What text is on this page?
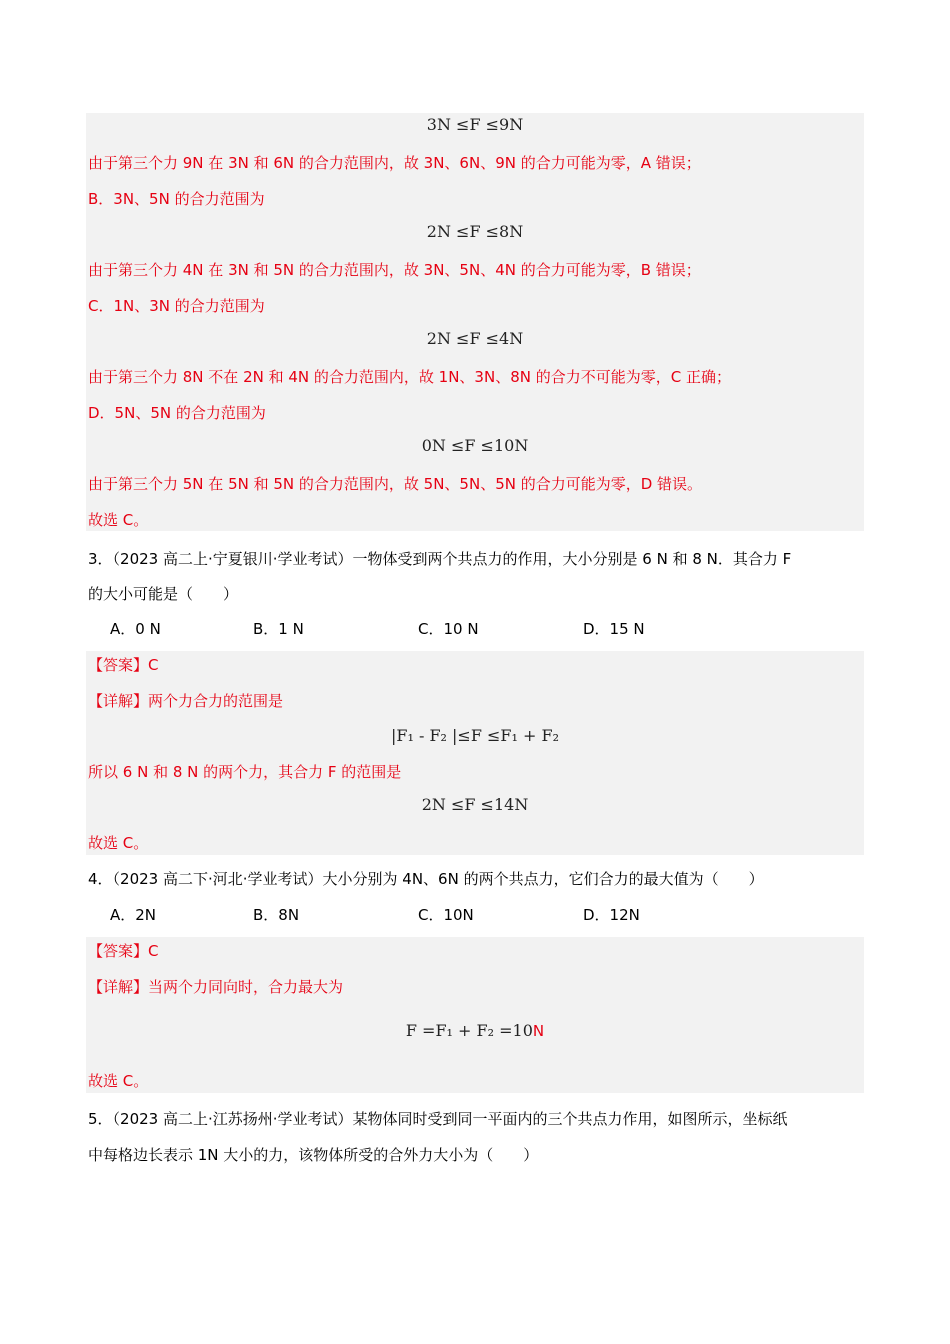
3N ≤F ≤9N
由于第三个力 9N 在 3N 和 6N 的合力范围内，故 3N、6N、9N 的合力可能为零，A 错误；
B．3N、5N 的合力范围为
2N ≤F ≤8N
由于第三个力 4N 在 3N 和 5N 的合力范围内，故 3N、5N、4N 的合力可能为零，B 错误；
C．1N、3N 的合力范围为
2N ≤F ≤4N
由于第三个力 8N 不在 2N 和 4N 的合力范围内，故 1N、3N、8N 的合力不可能为零，C 正确；
D．5N、5N 的合力范围为
0N ≤F ≤10N
由于第三个力 5N 在 5N 和 5N 的合力范围内，故 5N、5N、5N 的合力可能为零，D 错误。
故选 C。
3．（2023 高二上·宁夏银川·学业考试）一物体受到两个共点力的作用，大小分别是 6 N 和 8 N．其合力 F
的大小可能是（　　）
A．0 N	B．1 N	C．10 N	D．15 N
【答案】C
【详解】两个力合力的范围是
|F₁ - F₂ |≤F ≤F₁ + F₂
所以 6 N 和 8 N 的两个力，其合力 F 的范围是
2N ≤F ≤14N
故选 C。
4．（2023 高二下·河北·学业考试）大小分别为 4N、6N 的两个共点力，它们合力的最大值为（　　）
A．2N	B．8N	C．10N	D．12N
【答案】C
【详解】当两个力同向时，合力最大为
F =F₁ + F₂ =10N
故选 C。
5．（2023 高二上·江苏扬州·学业考试）某物体同时受到同一平面内的三个共点力作用，如图所示，坐标纸
中每格边长表示 1N 大小的力，该物体所受的合外力大小为（　　）
